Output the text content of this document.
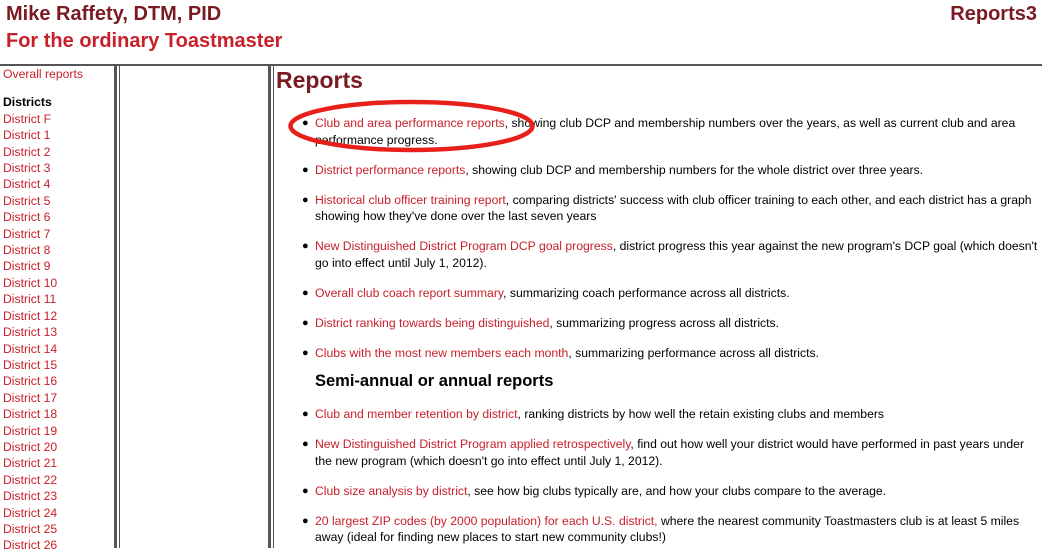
Mike Raffety, DTM, PID
For the ordinary Toastmaster
Reports3
Overall reports
Districts
District F
District 1
District 2
District 3
District 4
District 5
District 6
District 7
District 8
District 9
District 10
District 11
District 12
District 13
District 14
District 15
District 16
District 17
District 18
District 19
District 20
District 21
District 22
District 23
District 24
District 25
District 26
Reports
● Club and area performance reports, showing club DCP and membership numbers over the years, as well as current club and area performance progress.
● District performance reports, showing club DCP and membership numbers for the whole district over three years.
● Historical club officer training report, comparing districts' success with club officer training to each other, and each district has a graph showing how they've done over the last seven years
● New Distinguished District Program DCP goal progress, district progress this year against the new program's DCP goal (which doesn't go into effect until July 1, 2012).
● Overall club coach report summary, summarizing coach performance across all districts.
● District ranking towards being distinguished, summarizing progress across all districts.
● Clubs with the most new members each month, summarizing performance across all districts.
Semi-annual or annual reports
● Club and member retention by district, ranking districts by how well the retain existing clubs and members
● New Distinguished District Program applied retrospectively, find out how well your district would have performed in past years under the new program (which doesn't go into effect until July 1, 2012).
● Club size analysis by district, see how big clubs typically are, and how your clubs compare to the average.
● 20 largest ZIP codes (by 2000 population) for each U.S. district, where the nearest community Toastmasters club is at least 5 miles away (ideal for finding new places to start new community clubs!)
